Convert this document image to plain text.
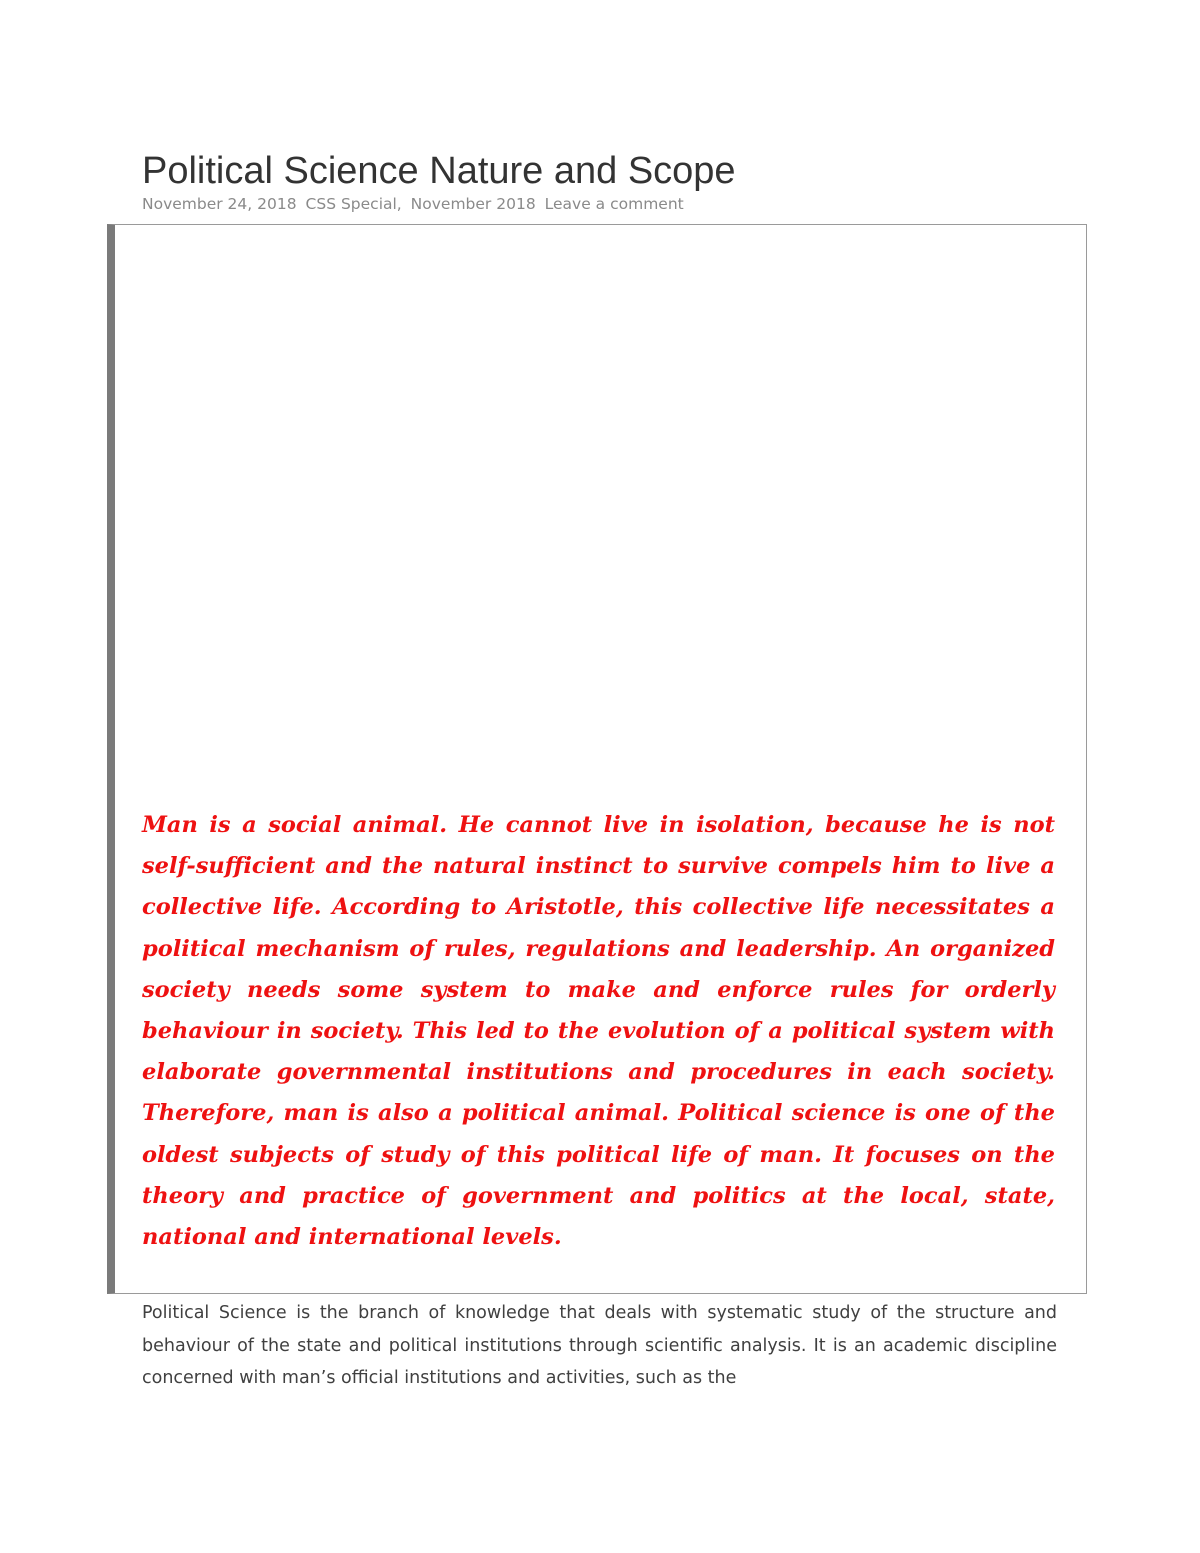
Political Science Nature and Scope
November 24, 2018 CSS Special, November 2018 Leave a comment

Man is a social animal. He cannot live in isolation, because he is not self-sufficient and the natural instinct to survive compels him to live a collective life. According to Aristotle, this collective life necessitates a political mechanism of rules, regulations and leadership. An organized society needs some system to make and enforce rules for orderly behaviour in society. This led to the evolution of a political system with elaborate governmental institutions and procedures in each society. Therefore, man is also a political animal. Political science is one of the oldest subjects of study of this political life of man. It focuses on the theory and practice of government and politics at the local, state, national and international levels.

Political Science is the branch of knowledge that deals with systematic study of the structure and behaviour of the state and political institutions through scientific analysis. It is an academic discipline concerned with man’s official institutions and activities, such as the
